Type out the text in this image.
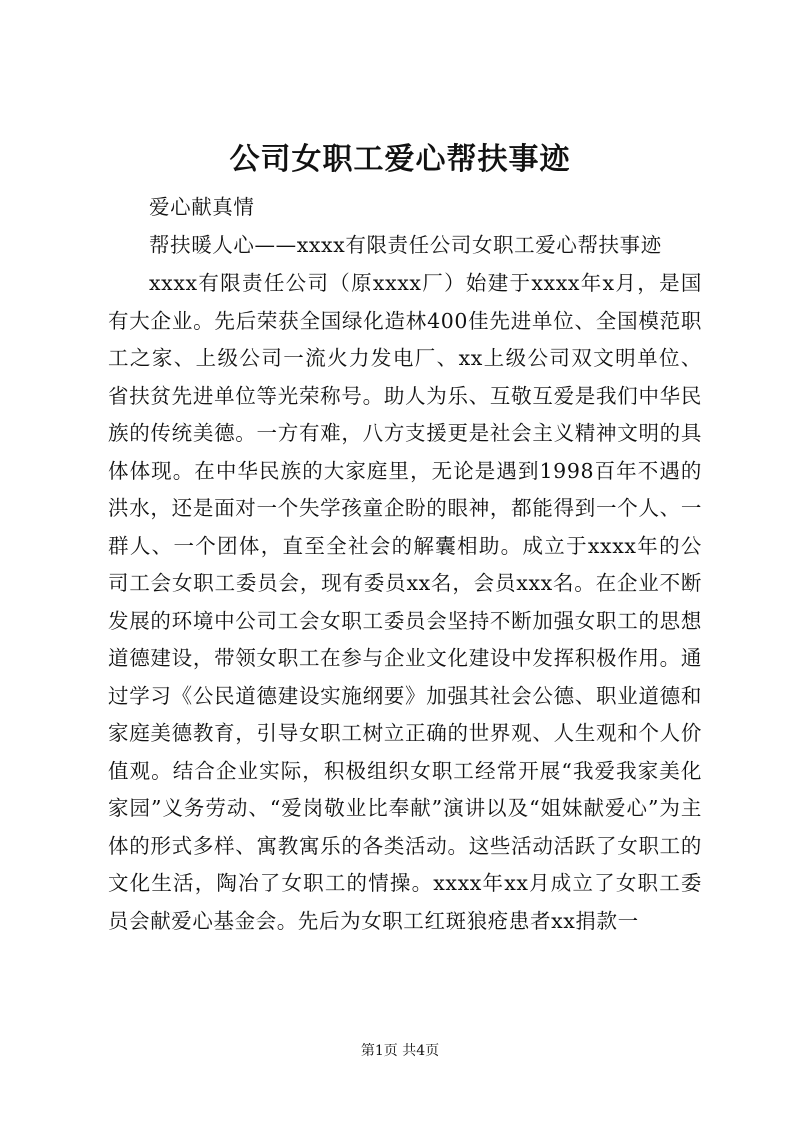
公司女职工爱心帮扶事迹

爱心献真情

帮扶暖人心——xxxx有限责任公司女职工爱心帮扶事迹

xxxx有限责任公司（原xxxx厂）始建于xxxx年x月，是国有大企业。先后荣获全国绿化造林400佳先进单位、全国模范职工之家、上级公司一流火力发电厂、xx上级公司双文明单位、省扶贫先进单位等光荣称号。助人为乐、互敬互爱是我们中华民族的传统美德。一方有难，八方支援更是社会主义精神文明的具体体现。在中华民族的大家庭里，无论是遇到1998百年不遇的洪水，还是面对一个失学孩童企盼的眼神，都能得到一个人、一群人、一个团体，直至全社会的解囊相助。成立于xxxx年的公司工会女职工委员会，现有委员xx名，会员xxx名。在企业不断发展的环境中公司工会女职工委员会坚持不断加强女职工的思想道德建设，带领女职工在参与企业文化建设中发挥积极作用。通过学习《公民道德建设实施纲要》加强其社会公德、职业道德和家庭美德教育，引导女职工树立正确的世界观、人生观和个人价值观。结合企业实际，积极组织女职工经常开展“我爱我家美化家园”义务劳动、“爱岗敬业比奉献”演讲以及“姐妹献爱心”为主体的形式多样、寓教寓乐的各类活动。这些活动活跃了女职工的文化生活，陶冶了女职工的情操。xxxx年xx月成立了女职工委员会献爱心基金会。先后为女职工红斑狼疮患者xx捐款一

第1页 共4页
